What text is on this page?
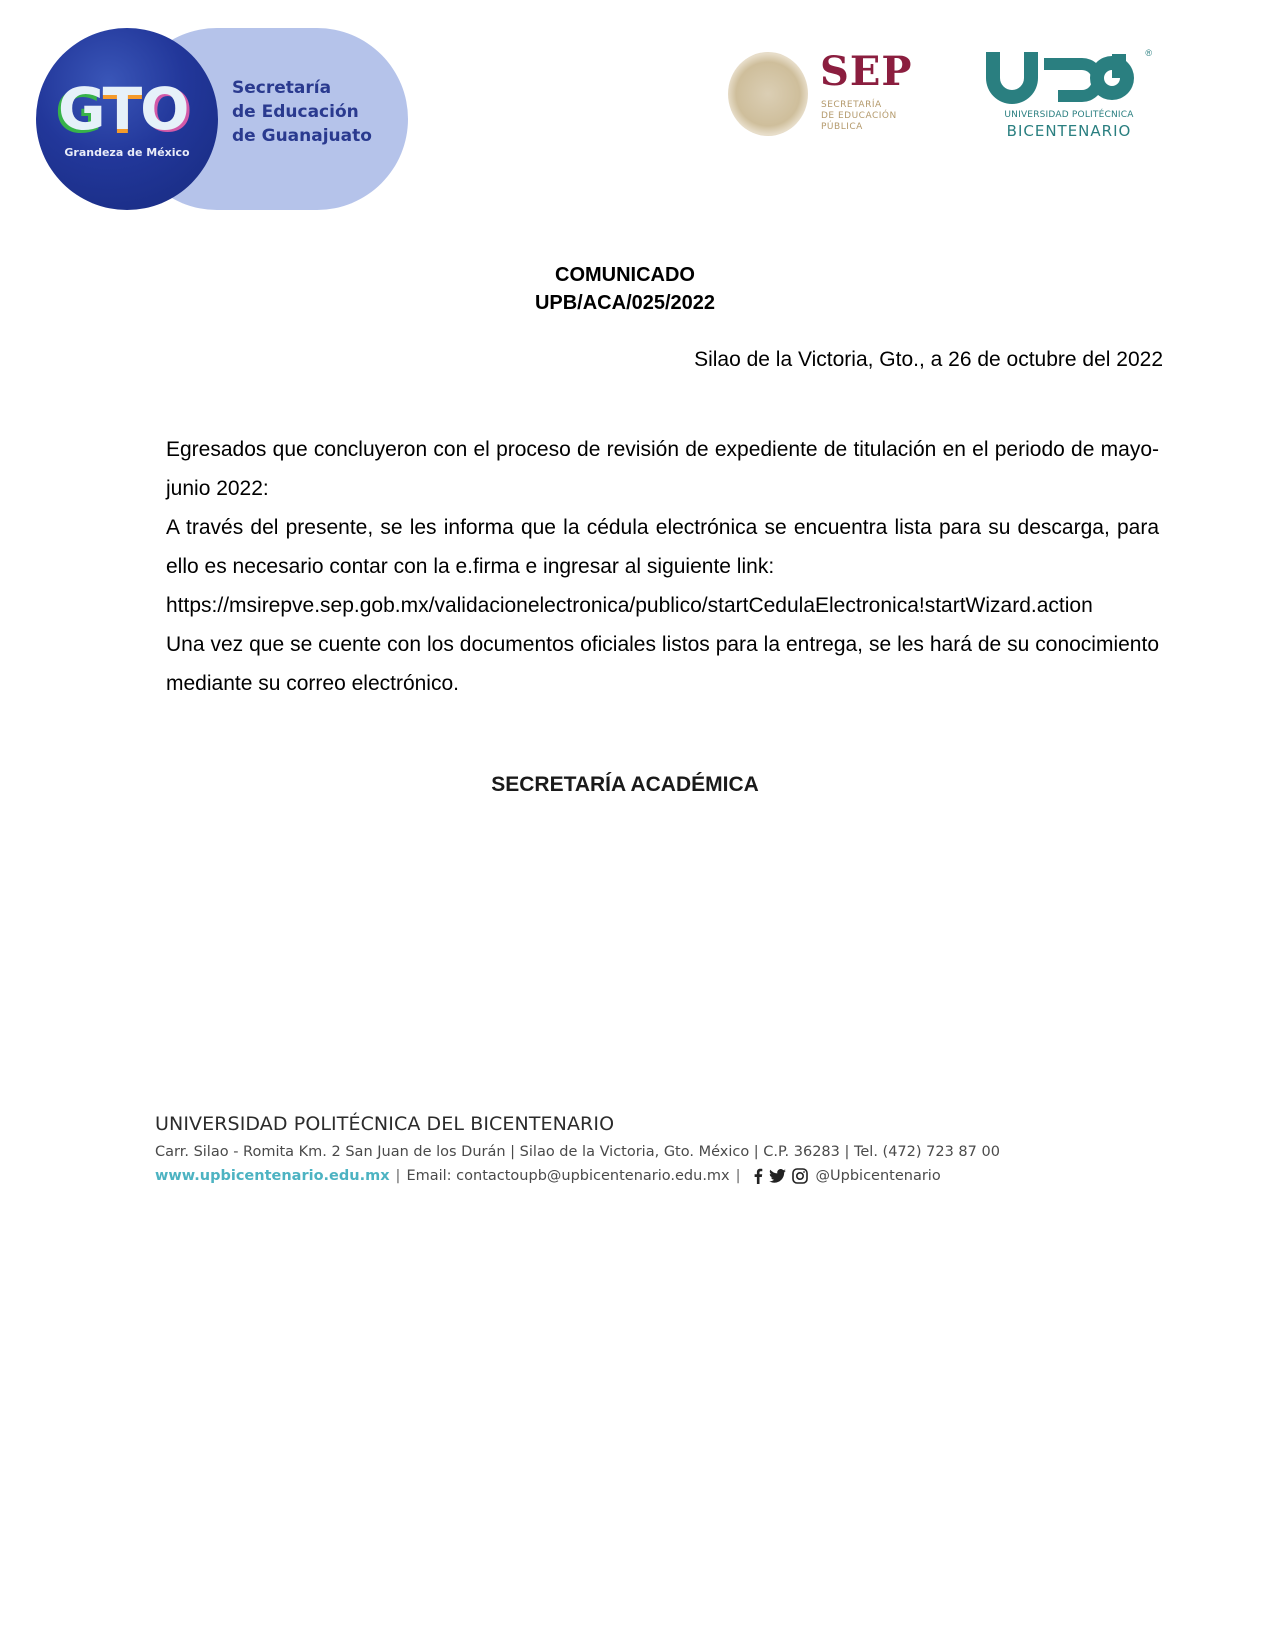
GTO
Grandeza de México
Secretaría
de Educación
de Guanajuato
SEP
SECRETARÍA
DE EDUCACIÓN
PÚBLICA
®
UNIVERSIDAD POLITÉCNICA
BICENTENARIO
COMUNICADO
UPB/ACA/025/2022
Silao de la Victoria, Gto., a 26 de octubre del 2022

Egresados que concluyeron con el proceso de revisión de expediente de titulación en el periodo de mayo-junio 2022:

A través del presente, se les informa que la cédula electrónica se encuentra lista para su descarga, para ello es necesario contar con la e.firma e ingresar al siguiente link:

https://msirepve.sep.gob.mx/validacionelectronica/publico/startCedulaElectronica!startWizard.action

Una vez que se cuente con los documentos oficiales listos para la entrega, se les hará de su conocimiento mediante su correo electrónico.

SECRETARÍA ACADÉMICA

UNIVERSIDAD POLITÉCNICA DEL BICENTENARIO

Carr. Silao - Romita Km. 2 San Juan de los Durán | Silao de la Victoria, Gto. México | C.P. 36283 | Tel. (472) 723 87 00
www.upbicentenario.edu.mx | Email: contactoupb@upbicentenario.edu.mx |	@Upbicentenario
